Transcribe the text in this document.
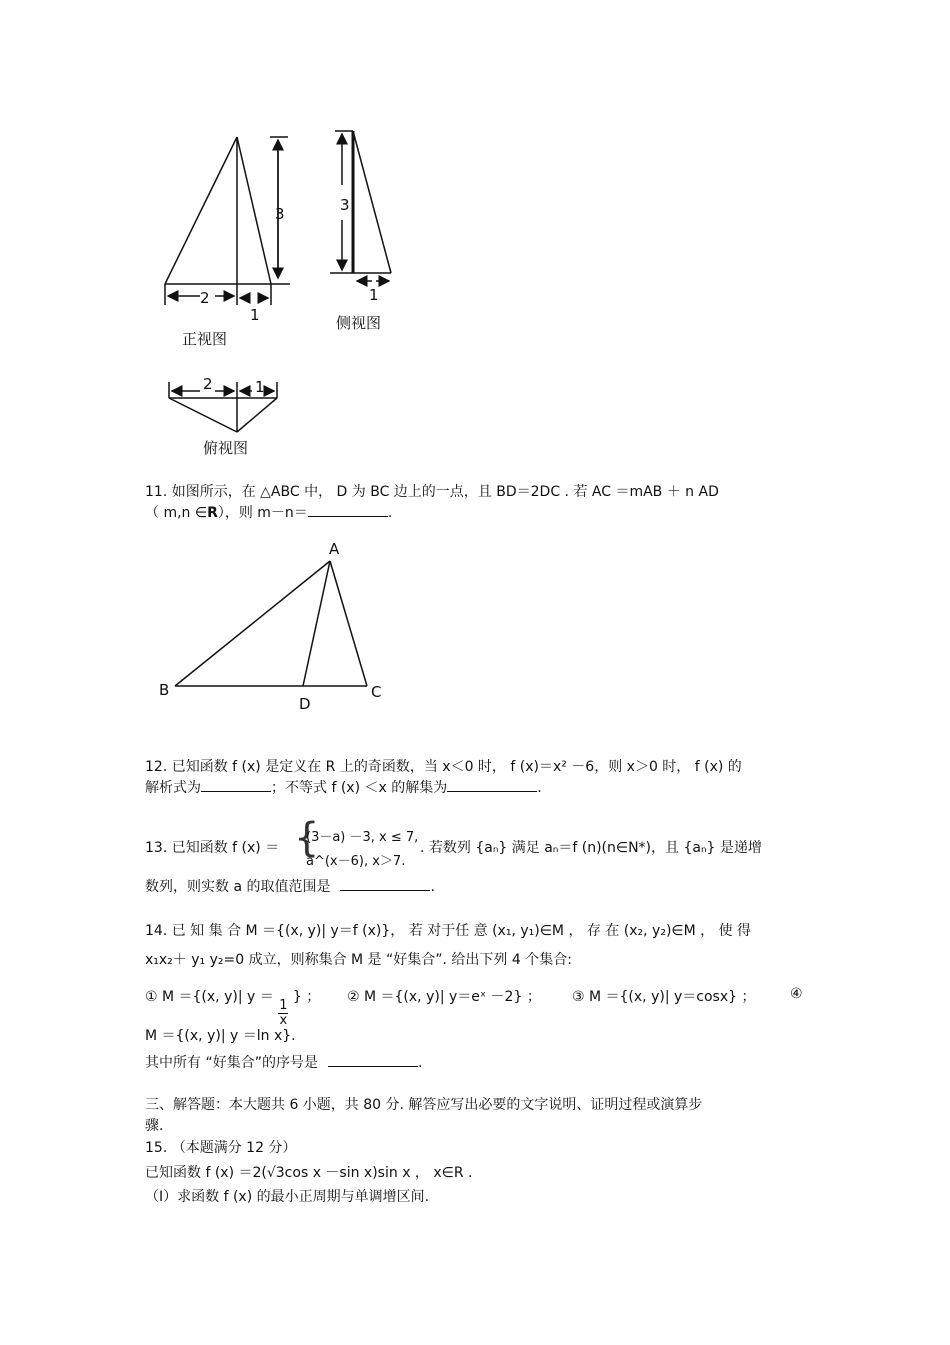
3
2
1
正视图
3
1
侧视图
2	1
俯视图
11. 如图所示，在 △ABC 中， D 为 BC 边上的一点，且 BD＝2DC . 若 AC ＝mAB ＋ n AD
（ m,n ∈R），则 m－n＝	.
A
B	C
D
12. 已知函数 f (x) 是定义在 R 上的奇函数，当 x＜0 时， f (x)＝x² －6，则 x＞0 时， f (x) 的
解析式为	；不等式 f (x) ＜x 的解集为	.
13. 已知函数 f (x) ＝ {
(3－a) －3, x ≤ 7,
a^(x－6), x＞7.
. 若数列 {aₙ} 满足 aₙ＝f (n)(n∈N*)，且 {aₙ} 是递增
数列，则实数 a 的取值范围是	.
14. 已 知 集 合 M ＝{(x, y)| y＝f (x)}， 若 对于任 意 (x₁, y₁)∈M ， 存 在 (x₂, y₂)∈M ， 使 得
x₁x₂＋ y₁ y₂=0 成立，则称集合 M 是 “好集合”. 给出下列 4 个集合:
① M ＝{(x, y)| y ＝
$\frac{1}{x}$
} ； ② M ＝{(x, y)| y＝eˣ －2} ； ③ M ＝{(x, y)| y＝cosx} ； ④
M ＝{(x, y)| y ＝ln x}.
其中所有 “好集合”的序号是	.
三、解答题：本大题共 6 小题，共 80 分. 解答应写出必要的文字说明、证明过程或演算步
骤.
15. （本题满分 12 分）
已知函数 f (x) ＝2(√3cos x －sin x)sin x ， x∈R .
（Ⅰ）求函数 f (x) 的最小正周期与单调增区间.
